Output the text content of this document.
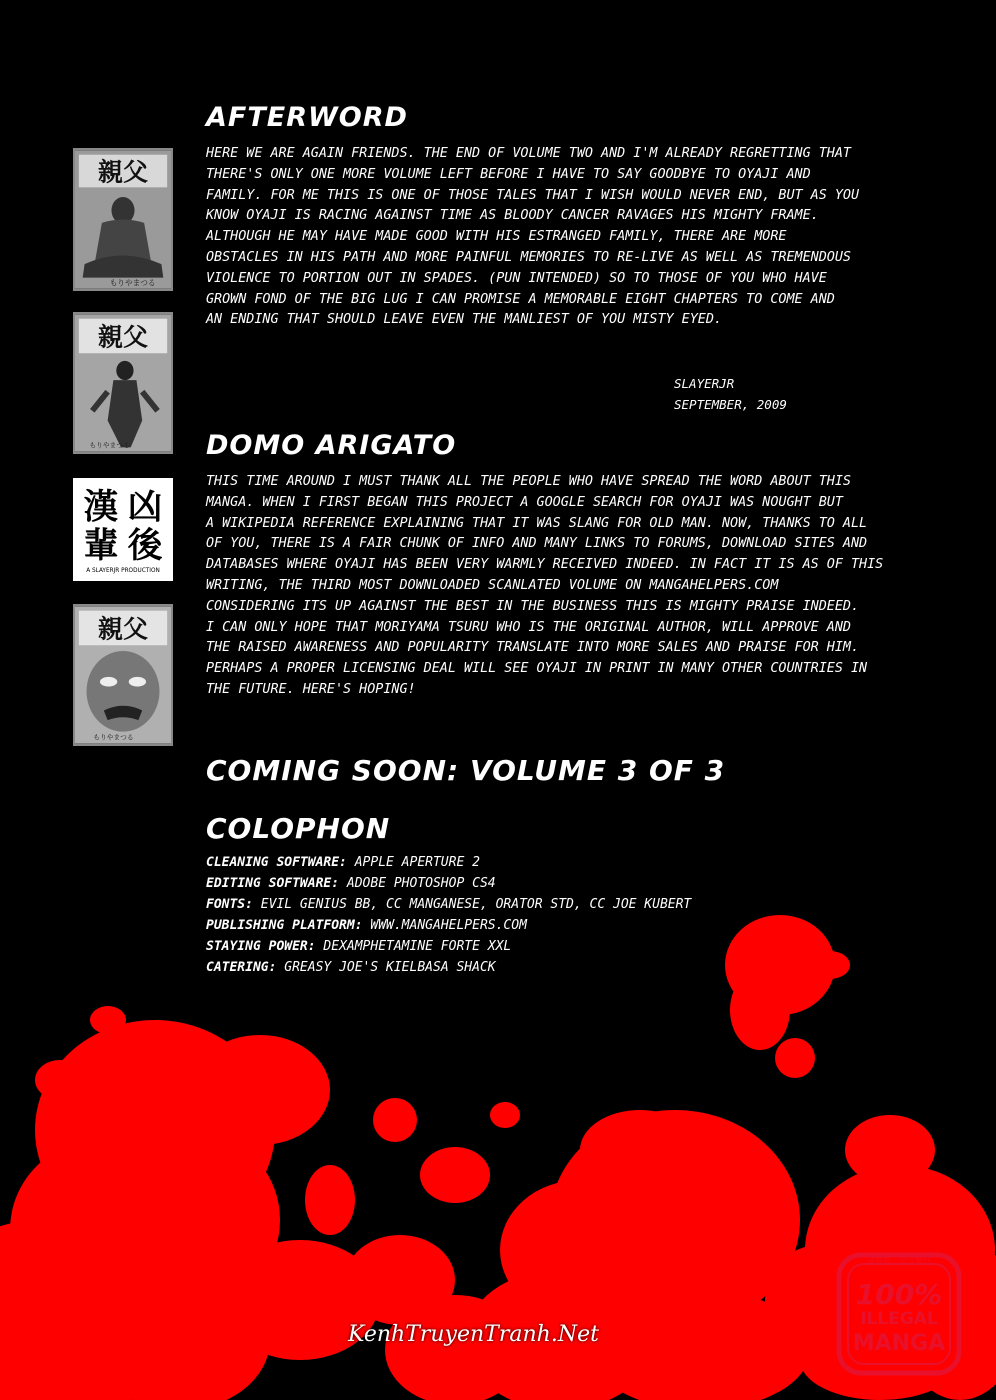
親父
もりやまつる
親父
もりやまつる
漢凶輩後
漢 凶
輩 後
A SLAYERJR PRODUCTION
親父
もりやまつる
AFTERWORD

HERE WE ARE AGAIN FRIENDS. THE END OF VOLUME TWO AND I'M ALREADY REGRETTING THAT

THERE'S ONLY ONE MORE VOLUME LEFT BEFORE I HAVE TO SAY GOODBYE TO OYAJI AND

FAMILY. FOR ME THIS IS ONE OF THOSE TALES THAT I WISH WOULD NEVER END, BUT AS YOU

KNOW OYAJI IS RACING AGAINST TIME AS BLOODY CANCER RAVAGES HIS MIGHTY FRAME.

ALTHOUGH HE MAY HAVE MADE GOOD WITH HIS ESTRANGED FAMILY, THERE ARE MORE

OBSTACLES IN HIS PATH AND MORE PAINFUL MEMORIES TO RE-LIVE AS WELL AS TREMENDOUS

VIOLENCE TO PORTION OUT IN SPADES. (PUN INTENDED) SO TO THOSE OF YOU WHO HAVE

GROWN FOND OF THE BIG LUG I CAN PROMISE A MEMORABLE EIGHT CHAPTERS TO COME AND

AN ENDING THAT SHOULD LEAVE EVEN THE MANLIEST OF YOU MISTY EYED.

SLAYERJR
SEPTEMBER, 2009
DOMO ARIGATO

THIS TIME AROUND I MUST THANK ALL THE PEOPLE WHO HAVE SPREAD THE WORD ABOUT THIS

MANGA. WHEN I FIRST BEGAN THIS PROJECT A GOOGLE SEARCH FOR OYAJI WAS NOUGHT BUT

A WIKIPEDIA REFERENCE EXPLAINING THAT IT WAS SLANG FOR OLD MAN. NOW, THANKS TO ALL

OF YOU, THERE IS A FAIR CHUNK OF INFO AND MANY LINKS TO FORUMS, DOWNLOAD SITES AND

DATABASES WHERE OYAJI HAS BEEN VERY WARMLY RECEIVED INDEED. IN FACT IT IS AS OF THIS

WRITING, THE THIRD MOST DOWNLOADED SCANLATED VOLUME ON MANGAHELPERS.COM

CONSIDERING ITS UP AGAINST THE BEST IN THE BUSINESS THIS IS MIGHTY PRAISE INDEED.

I CAN ONLY HOPE THAT MORIYAMA TSURU WHO IS THE ORIGINAL AUTHOR, WILL APPROVE AND

THE RAISED AWARENESS AND POPULARITY TRANSLATE INTO MORE SALES AND PRAISE FOR HIM.

PERHAPS A PROPER LICENSING DEAL WILL SEE OYAJI IN PRINT IN MANY OTHER COUNTRIES IN

THE FUTURE. HERE'S HOPING!

COMING SOON: VOLUME 3 OF 3
COLOPHON
CLEANING SOFTWARE: APPLE APERTURE 2
EDITING SOFTWARE: ADOBE PHOTOSHOP CS4
FONTS: EVIL GENIUS BB, CC MANGANESE, ORATOR STD, CC JOE KUBERT
PUBLISHING PLATFORM: WWW.MANGAHELPERS.COM
STAYING POWER: DEXAMPHETAMINE FORTE XXL
CATERING: GREASY JOE'S KIELBASA SHACK
品質第一公式発行
100%
ILLEGAL
MANGA
KenhTruyenTranh.Net
